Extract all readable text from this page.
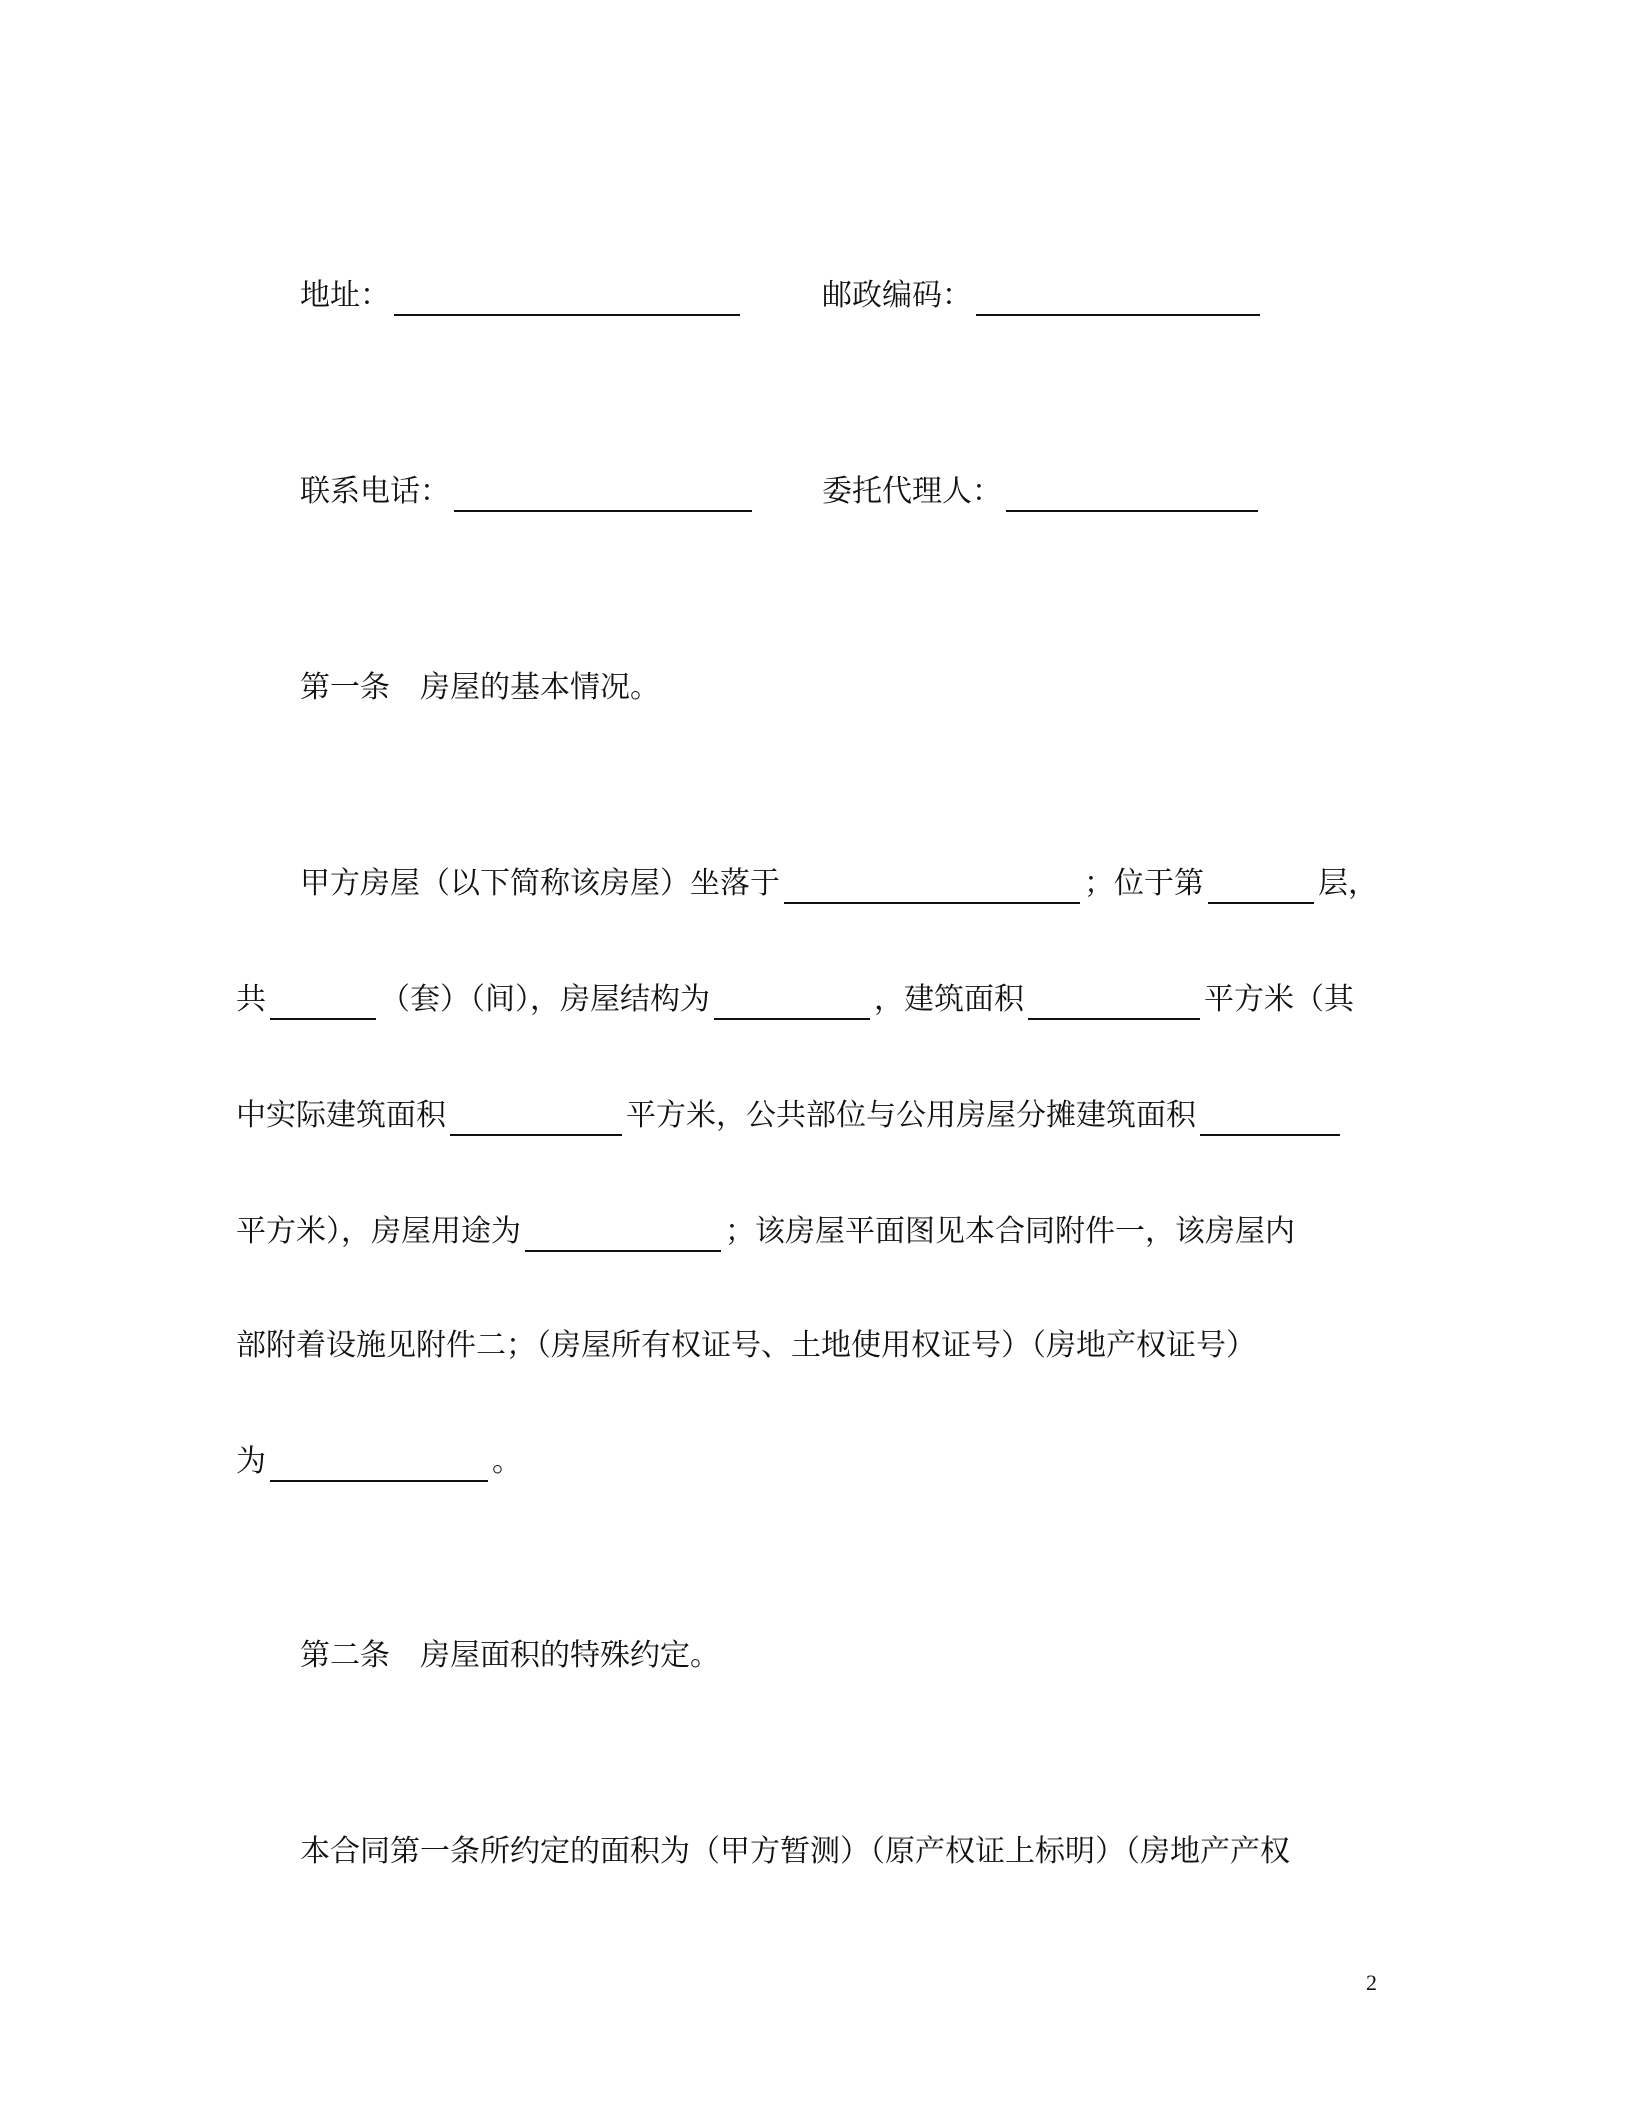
地址：	邮政编码：
联系电话：	委托代理人：
第一条　房屋的基本情况。
甲方房屋（以下简称该房屋）坐落于	；位于第	层，
共	（套）（间），房屋结构为	，建筑面积	平方米（其
中实际建筑面积	平方米，公共部位与公用房屋分摊建筑面积
平方米），房屋用途为	；该房屋平面图见本合同附件一，该房屋内
部附着设施见附件二；（房屋所有权证号、土地使用权证号）（房地产权证号）
为	。
第二条　房屋面积的特殊约定。
本合同第一条所约定的面积为（甲方暂测）（原产权证上标明）（房地产产权
2
